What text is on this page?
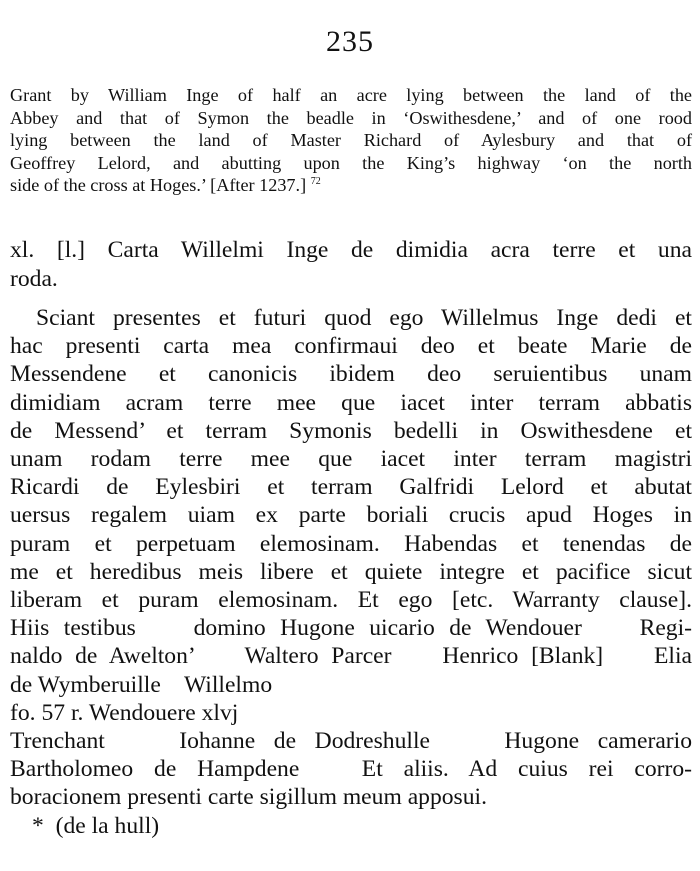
235
Grant by William Inge of half an acre lying between the land of the
Abbey and that of Symon the beadle in ‘Oswithesdene,’ and of one rood
lying between the land of Master Richard of Aylesbury and that of
Geoffrey Lelord, and abutting upon the King’s highway ‘on the north
side of the cross at Hoges.’ [After 1237.] $^{72}$
xl. [l.] Carta Willelmi Inge de dimidia acra terre et una
roda.
Sciant presentes et futuri quod ego Willelmus Inge dedi et
hac presenti carta mea confirmaui deo et beate Marie de
Messendene et canonicis ibidem deo seruientibus unam
dimidiam acram terre mee que iacet inter terram abbatis
de Messend’ et terram Symonis bedelli in Oswithesdene et
unam rodam terre mee que iacet inter terram magistri
Ricardi de Eylesbiri et terram Galfridi Lelord et abutat
uersus regalem uiam ex parte boriali crucis apud Hoges in
puram et perpetuam elemosinam. Habendas et tenendas de
me et heredibus meis libere et quiete integre et pacifice sicut
liberam et puram elemosinam. Et ego [etc. Warranty clause].
Hiis testibus    domino Hugone uicario de Wendouer    Regi-
naldo de Awelton’    Waltero Parcer    Henrico [Blank]    Elia
de Wymberuille    Willelmo
fo. 57 r. Wendouere xlvj
Trenchant    Iohanne de Dodreshulle    Hugone camerario
Bartholomeo de Hampdene   Et aliis. Ad cuius rei corro-
boracionem presenti carte sigillum meum apposui.
*  (de la hull)
